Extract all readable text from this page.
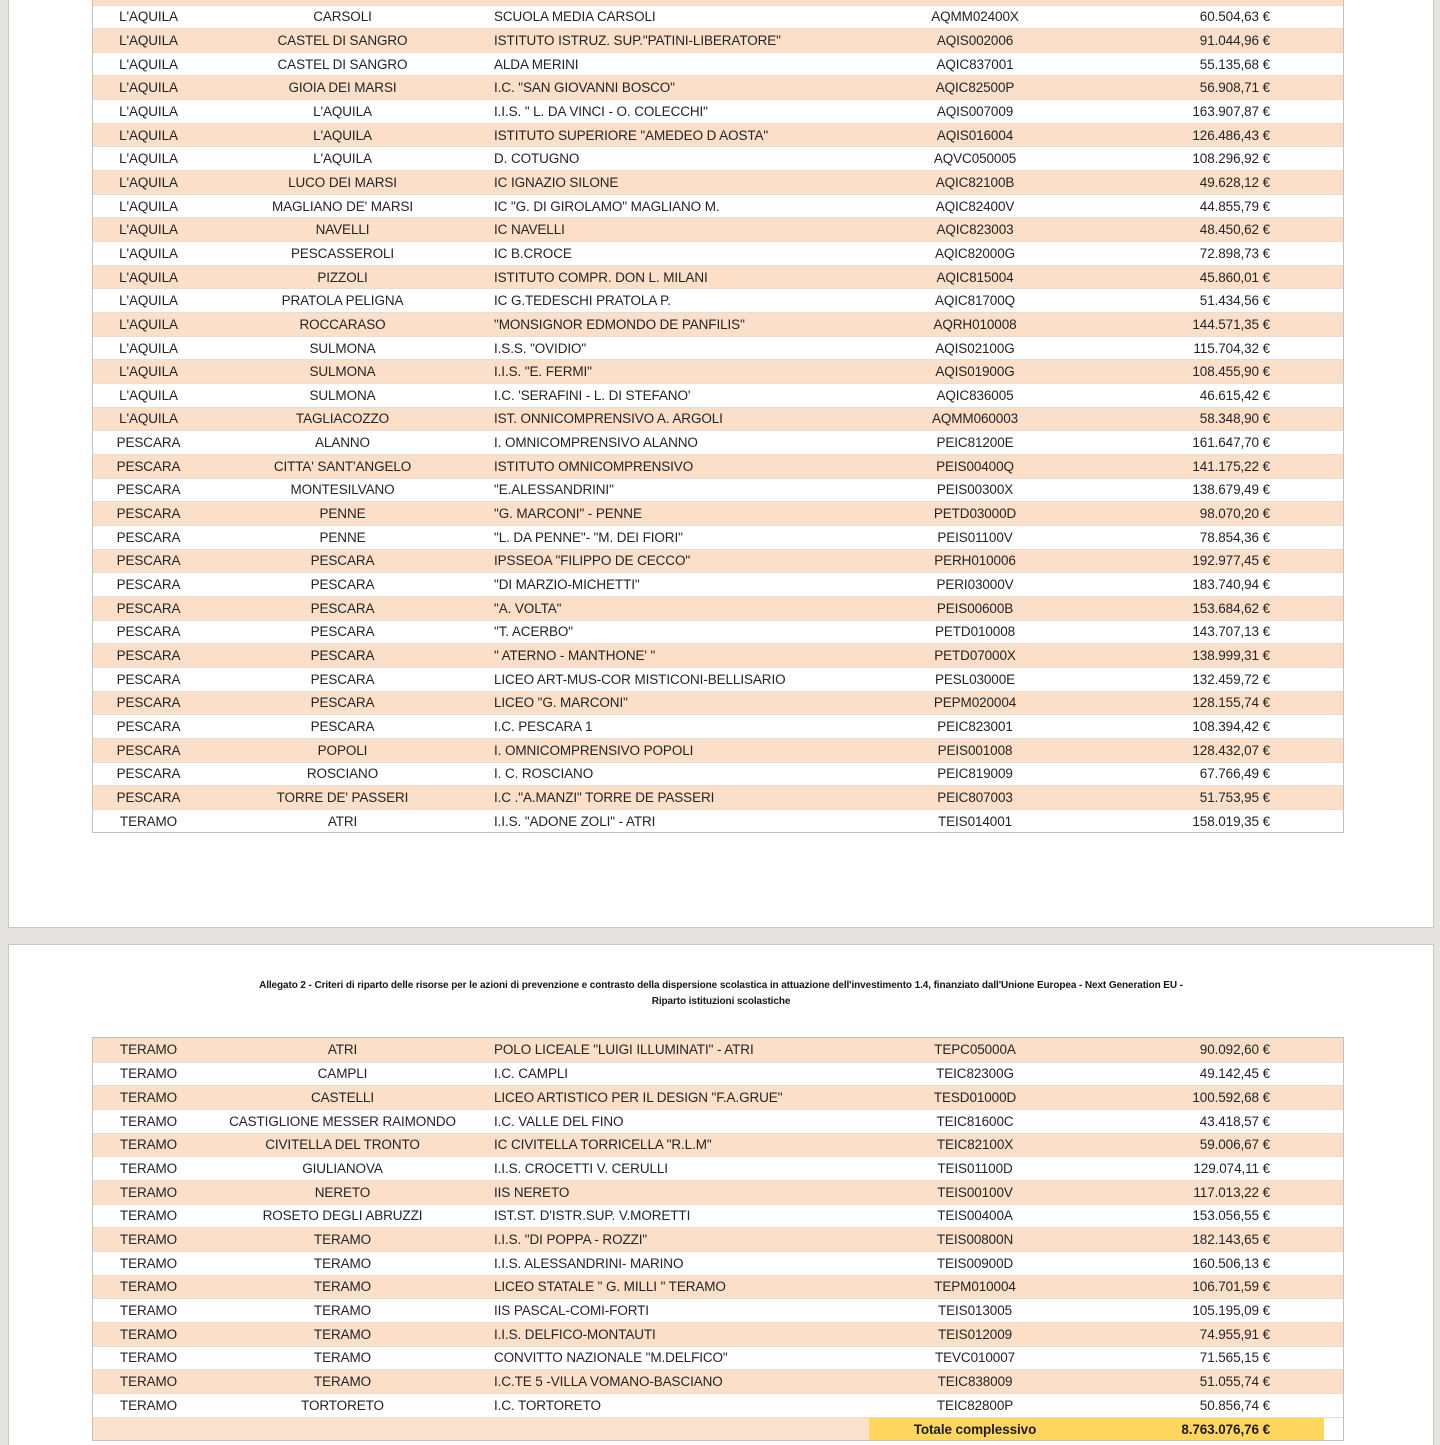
L'AQUILA	CARSOLI	SCUOLA MEDIA CARSOLI	AQMM02400X	60.504,63 €
L'AQUILA	CASTEL DI SANGRO	ISTITUTO ISTRUZ. SUP."PATINI-LIBERATORE"	AQIS002006	91.044,96 €
L'AQUILA	CASTEL DI SANGRO	ALDA MERINI	AQIC837001	55.135,68 €
L'AQUILA	GIOIA DEI MARSI	I.C. "SAN GIOVANNI BOSCO"	AQIC82500P	56.908,71 €
L'AQUILA	L'AQUILA	I.I.S. " L. DA VINCI - O. COLECCHI"	AQIS007009	163.907,87 €
L'AQUILA	L'AQUILA	ISTITUTO SUPERIORE "AMEDEO D AOSTA"	AQIS016004	126.486,43 €
L'AQUILA	L'AQUILA	D. COTUGNO	AQVC050005	108.296,92 €
L'AQUILA	LUCO DEI MARSI	IC IGNAZIO SILONE	AQIC82100B	49.628,12 €
L'AQUILA	MAGLIANO DE' MARSI	IC "G. DI GIROLAMO" MAGLIANO M.	AQIC82400V	44.855,79 €
L'AQUILA	NAVELLI	IC NAVELLI	AQIC823003	48.450,62 €
L'AQUILA	PESCASSEROLI	IC B.CROCE	AQIC82000G	72.898,73 €
L'AQUILA	PIZZOLI	ISTITUTO COMPR. DON L. MILANI	AQIC815004	45.860,01 €
L'AQUILA	PRATOLA PELIGNA	IC G.TEDESCHI PRATOLA P.	AQIC81700Q	51.434,56 €
L'AQUILA	ROCCARASO	"MONSIGNOR EDMONDO DE PANFILIS"	AQRH010008	144.571,35 €
L'AQUILA	SULMONA	I.S.S. "OVIDIO"	AQIS02100G	115.704,32 €
L'AQUILA	SULMONA	I.I.S. "E. FERMI"	AQIS01900G	108.455,90 €
L'AQUILA	SULMONA	I.C. 'SERAFINI - L. DI STEFANO'	AQIC836005	46.615,42 €
L'AQUILA	TAGLIACOZZO	IST. ONNICOMPRENSIVO A. ARGOLI	AQMM060003	58.348,90 €
PESCARA	ALANNO	I. OMNICOMPRENSIVO ALANNO	PEIC81200E	161.647,70 €
PESCARA	CITTA' SANT'ANGELO	ISTITUTO OMNICOMPRENSIVO	PEIS00400Q	141.175,22 €
PESCARA	MONTESILVANO	"E.ALESSANDRINI"	PEIS00300X	138.679,49 €
PESCARA	PENNE	"G. MARCONI" - PENNE	PETD03000D	98.070,20 €
PESCARA	PENNE	"L. DA PENNE"- "M. DEI FIORI"	PEIS01100V	78.854,36 €
PESCARA	PESCARA	IPSSEOA "FILIPPO DE CECCO"	PERH010006	192.977,45 €
PESCARA	PESCARA	"DI MARZIO-MICHETTI"	PERI03000V	183.740,94 €
PESCARA	PESCARA	"A. VOLTA"	PEIS00600B	153.684,62 €
PESCARA	PESCARA	"T. ACERBO"	PETD010008	143.707,13 €
PESCARA	PESCARA	" ATERNO - MANTHONE' "	PETD07000X	138.999,31 €
PESCARA	PESCARA	LICEO ART-MUS-COR MISTICONI-BELLISARIO	PESL03000E	132.459,72 €
PESCARA	PESCARA	LICEO "G. MARCONI"	PEPM020004	128.155,74 €
PESCARA	PESCARA	I.C. PESCARA 1	PEIC823001	108.394,42 €
PESCARA	POPOLI	I. OMNICOMPRENSIVO POPOLI	PEIS001008	128.432,07 €
PESCARA	ROSCIANO	I. C. ROSCIANO	PEIC819009	67.766,49 €
PESCARA	TORRE DE' PASSERI	I.C ."A.MANZI" TORRE DE PASSERI	PEIC807003	51.753,95 €
TERAMO	ATRI	I.I.S. "ADONE ZOLI" - ATRI	TEIS014001	158.019,35 €
Allegato 2 - Criteri di riparto delle risorse per le azioni di prevenzione e contrasto della dispersione scolastica in attuazione dell'investimento 1.4, finanziato dall'Unione Europea - Next Generation EU -
Riparto istituzioni scolastiche
TERAMO	ATRI	POLO LICEALE "LUIGI ILLUMINATI" - ATRI	TEPC05000A	90.092,60 €
TERAMO	CAMPLI	I.C. CAMPLI	TEIC82300G	49.142,45 €
TERAMO	CASTELLI	LICEO ARTISTICO PER IL DESIGN "F.A.GRUE"	TESD01000D	100.592,68 €
TERAMO	CASTIGLIONE MESSER RAIMONDO	I.C. VALLE DEL FINO	TEIC81600C	43.418,57 €
TERAMO	CIVITELLA DEL TRONTO	IC CIVITELLA TORRICELLA "R.L.M"	TEIC82100X	59.006,67 €
TERAMO	GIULIANOVA	I.I.S. CROCETTI V. CERULLI	TEIS01100D	129.074,11 €
TERAMO	NERETO	IIS NERETO	TEIS00100V	117.013,22 €
TERAMO	ROSETO DEGLI ABRUZZI	IST.ST. D'ISTR.SUP. V.MORETTI	TEIS00400A	153.056,55 €
TERAMO	TERAMO	I.I.S. "DI POPPA - ROZZI"	TEIS00800N	182.143,65 €
TERAMO	TERAMO	I.I.S. ALESSANDRINI- MARINO	TEIS00900D	160.506,13 €
TERAMO	TERAMO	LICEO STATALE " G. MILLI " TERAMO	TEPM010004	106.701,59 €
TERAMO	TERAMO	IIS PASCAL-COMI-FORTI	TEIS013005	105.195,09 €
TERAMO	TERAMO	I.I.S. DELFICO-MONTAUTI	TEIS012009	74.955,91 €
TERAMO	TERAMO	CONVITTO NAZIONALE "M.DELFICO"	TEVC010007	71.565,15 €
TERAMO	TERAMO	I.C.TE 5 -VILLA VOMANO-BASCIANO	TEIC838009	51.055,74 €
TERAMO	TORTORETO	I.C. TORTORETO	TEIC82800P	50.856,74 €
Totale complessivo	8.763.076,76 €
